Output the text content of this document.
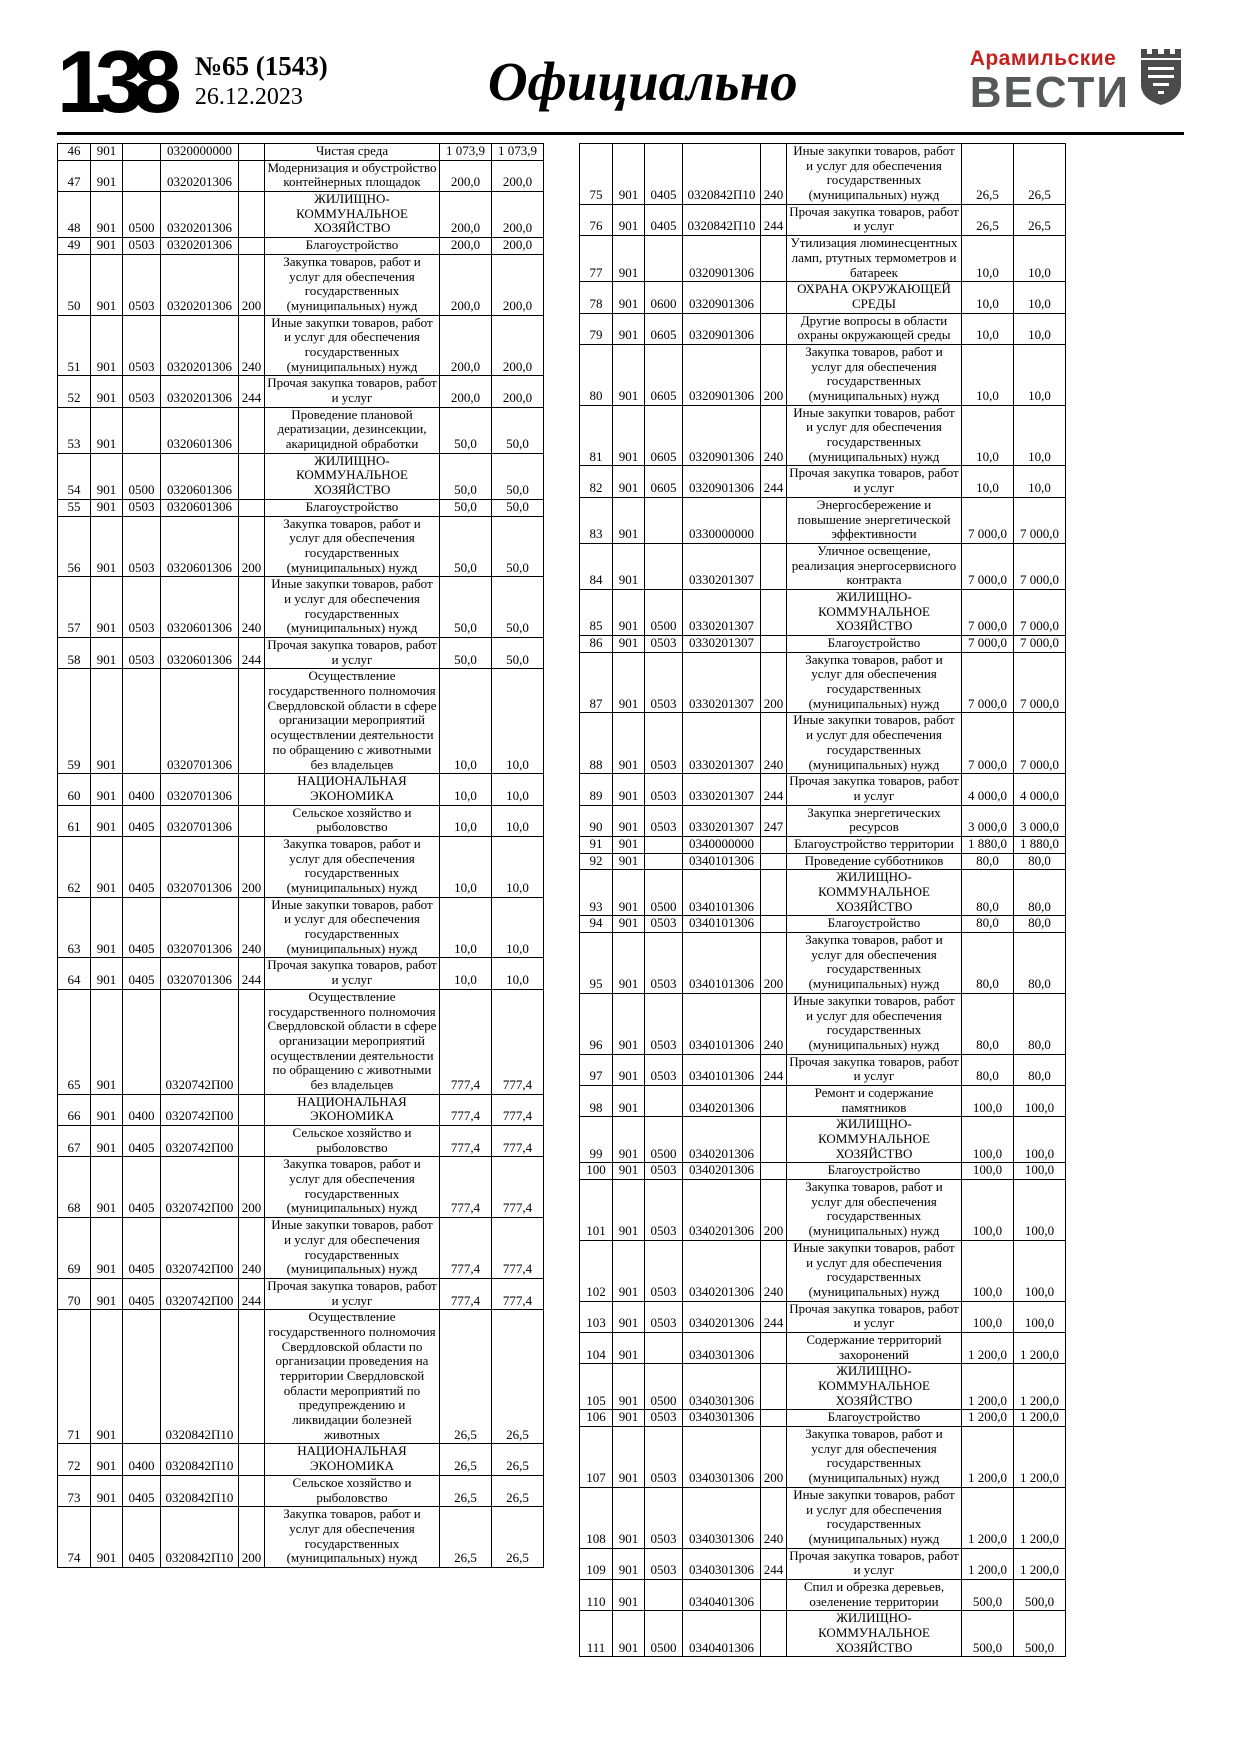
138 №65 (1543)
26.12.2023	Официально	Арамильские
ВЕСТИ
46	901		0320000000		Чистая среда	1 073,9	1 073,9
47	901		0320201306		Модернизация и обустройство контейнерных площадок	200,0	200,0
48	901	0500	0320201306		ЖИЛИЩНО-КОММУНАЛЬНОЕ ХОЗЯЙСТВО	200,0	200,0
49	901	0503	0320201306		Благоустройство	200,0	200,0
50	901	0503	0320201306	200	Закупка товаров, работ и услуг для обеспечения государственных (муниципальных) нужд	200,0	200,0
51	901	0503	0320201306	240	Иные закупки товаров, работ и услуг для обеспечения государственных (муниципальных) нужд	200,0	200,0
52	901	0503	0320201306	244	Прочая закупка товаров, работ и услуг	200,0	200,0
53	901		0320601306		Проведение плановой дератизации, дезинсекции, акарицидной обработки	50,0	50,0
54	901	0500	0320601306		ЖИЛИЩНО-КОММУНАЛЬНОЕ ХОЗЯЙСТВО	50,0	50,0
55	901	0503	0320601306		Благоустройство	50,0	50,0
56	901	0503	0320601306	200	Закупка товаров, работ и услуг для обеспечения государственных (муниципальных) нужд	50,0	50,0
57	901	0503	0320601306	240	Иные закупки товаров, работ и услуг для обеспечения государственных (муниципальных) нужд	50,0	50,0
58	901	0503	0320601306	244	Прочая закупка товаров, работ и услуг	50,0	50,0
59	901		0320701306		Осуществление государственного полномочия Свердловской области в сфере организации мероприятий осуществлении деятельности по обращению с животными без владельцев	10,0	10,0
60	901	0400	0320701306		НАЦИОНАЛЬНАЯ ЭКОНОМИКА	10,0	10,0
61	901	0405	0320701306		Сельское хозяйство и рыболовство	10,0	10,0
62	901	0405	0320701306	200	Закупка товаров, работ и услуг для обеспечения государственных (муниципальных) нужд	10,0	10,0
63	901	0405	0320701306	240	Иные закупки товаров, работ и услуг для обеспечения государственных (муниципальных) нужд	10,0	10,0
64	901	0405	0320701306	244	Прочая закупка товаров, работ и услуг	10,0	10,0
65	901		0320742П00		Осуществление государственного полномочия Свердловской области в сфере организации мероприятий осуществлении деятельности по обращению с животными без владельцев	777,4	777,4
66	901	0400	0320742П00		НАЦИОНАЛЬНАЯ ЭКОНОМИКА	777,4	777,4
67	901	0405	0320742П00		Сельское хозяйство и рыболовство	777,4	777,4
68	901	0405	0320742П00	200	Закупка товаров, работ и услуг для обеспечения государственных (муниципальных) нужд	777,4	777,4
69	901	0405	0320742П00	240	Иные закупки товаров, работ и услуг для обеспечения государственных (муниципальных) нужд	777,4	777,4
70	901	0405	0320742П00	244	Прочая закупка товаров, работ и услуг	777,4	777,4
71	901		0320842П10		Осуществление государственного полномочия Свердловской области по организации проведения на территории Свердловской области мероприятий по предупреждению и ликвидации болезней животных	26,5	26,5
72	901	0400	0320842П10		НАЦИОНАЛЬНАЯ ЭКОНОМИКА	26,5	26,5
73	901	0405	0320842П10		Сельское хозяйство и рыболовство	26,5	26,5
74	901	0405	0320842П10	200	Закупка товаров, работ и услуг для обеспечения государственных (муниципальных) нужд	26,5	26,5
75	901	0405	0320842П10	240	Иные закупки товаров, работ и услуг для обеспечения государственных (муниципальных) нужд	26,5	26,5
76	901	0405	0320842П10	244	Прочая закупка товаров, работ и услуг	26,5	26,5
77	901		0320901306		Утилизация люминесцентных ламп, ртутных термометров и батареек	10,0	10,0
78	901	0600	0320901306		ОХРАНА ОКРУЖАЮЩЕЙ СРЕДЫ	10,0	10,0
79	901	0605	0320901306		Другие вопросы в области охраны окружающей среды	10,0	10,0
80	901	0605	0320901306	200	Закупка товаров, работ и услуг для обеспечения государственных (муниципальных) нужд	10,0	10,0
81	901	0605	0320901306	240	Иные закупки товаров, работ и услуг для обеспечения государственных (муниципальных) нужд	10,0	10,0
82	901	0605	0320901306	244	Прочая закупка товаров, работ и услуг	10,0	10,0
83	901		0330000000		Энергосбережение и повышение энергетической эффективности	7 000,0	7 000,0
84	901		0330201307		Уличное освещение, реализация энергосервисного контракта	7 000,0	7 000,0
85	901	0500	0330201307		ЖИЛИЩНО-КОММУНАЛЬНОЕ ХОЗЯЙСТВО	7 000,0	7 000,0
86	901	0503	0330201307		Благоустройство	7 000,0	7 000,0
87	901	0503	0330201307	200	Закупка товаров, работ и услуг для обеспечения государственных (муниципальных) нужд	7 000,0	7 000,0
88	901	0503	0330201307	240	Иные закупки товаров, работ и услуг для обеспечения государственных (муниципальных) нужд	7 000,0	7 000,0
89	901	0503	0330201307	244	Прочая закупка товаров, работ и услуг	4 000,0	4 000,0
90	901	0503	0330201307	247	Закупка энергетических ресурсов	3 000,0	3 000,0
91	901		0340000000		Благоустройство территории	1 880,0	1 880,0
92	901		0340101306		Проведение субботников	80,0	80,0
93	901	0500	0340101306		ЖИЛИЩНО-КОММУНАЛЬНОЕ ХОЗЯЙСТВО	80,0	80,0
94	901	0503	0340101306		Благоустройство	80,0	80,0
95	901	0503	0340101306	200	Закупка товаров, работ и услуг для обеспечения государственных (муниципальных) нужд	80,0	80,0
96	901	0503	0340101306	240	Иные закупки товаров, работ и услуг для обеспечения государственных (муниципальных) нужд	80,0	80,0
97	901	0503	0340101306	244	Прочая закупка товаров, работ и услуг	80,0	80,0
98	901		0340201306		Ремонт и содержание памятников	100,0	100,0
99	901	0500	0340201306		ЖИЛИЩНО-КОММУНАЛЬНОЕ ХОЗЯЙСТВО	100,0	100,0
100	901	0503	0340201306		Благоустройство	100,0	100,0
101	901	0503	0340201306	200	Закупка товаров, работ и услуг для обеспечения государственных (муниципальных) нужд	100,0	100,0
102	901	0503	0340201306	240	Иные закупки товаров, работ и услуг для обеспечения государственных (муниципальных) нужд	100,0	100,0
103	901	0503	0340201306	244	Прочая закупка товаров, работ и услуг	100,0	100,0
104	901		0340301306		Содержание территорий захоронений	1 200,0	1 200,0
105	901	0500	0340301306		ЖИЛИЩНО-КОММУНАЛЬНОЕ ХОЗЯЙСТВО	1 200,0	1 200,0
106	901	0503	0340301306		Благоустройство	1 200,0	1 200,0
107	901	0503	0340301306	200	Закупка товаров, работ и услуг для обеспечения государственных (муниципальных) нужд	1 200,0	1 200,0
108	901	0503	0340301306	240	Иные закупки товаров, работ и услуг для обеспечения государственных (муниципальных) нужд	1 200,0	1 200,0
109	901	0503	0340301306	244	Прочая закупка товаров, работ и услуг	1 200,0	1 200,0
110	901		0340401306		Спил и обрезка деревьев, озеленение территории	500,0	500,0
111	901	0500	0340401306		ЖИЛИЩНО-КОММУНАЛЬНОЕ ХОЗЯЙСТВО	500,0	500,0
